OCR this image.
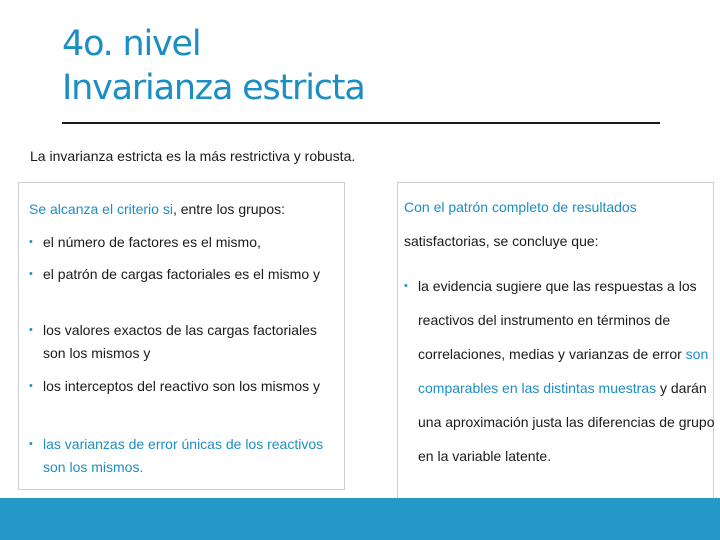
4o. nivel
Invarianza estricta
La invarianza estricta es la más restrictiva y robusta.
Se alcanza el criterio si, entre los grupos:
• el número de factores es el mismo,
• el patrón de cargas factoriales es el mismo y
• los valores exactos de las cargas factoriales son los mismos y
• los interceptos del reactivo son los mismos y
• las varianzas de error únicas de los reactivos son los mismos.
Con el patrón completo de resultados
satisfactorias, se concluye que:
• la evidencia sugiere que las respuestas a los reactivos del instrumento en términos de correlaciones, medias y varianzas de error son comparables en las distintas muestras y darán una aproximación justa las diferencias de grupo en la variable latente.
